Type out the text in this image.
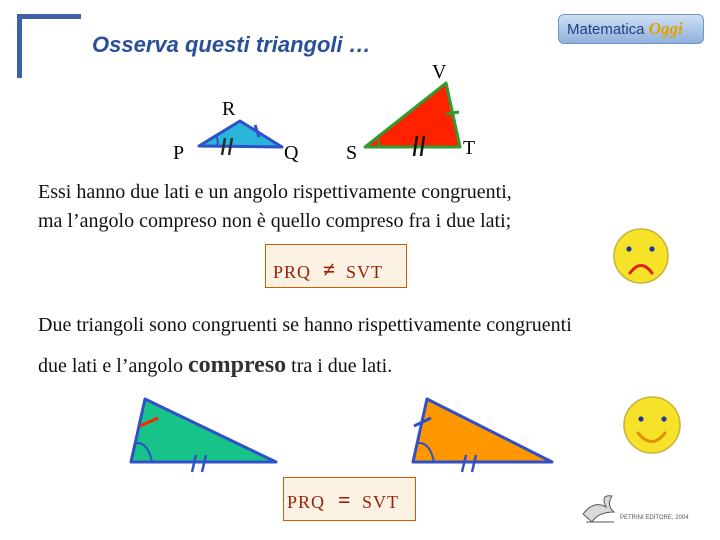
Osserva questi triangoli …
Matematica Oggi
V
R
P	Q S	T
Essi hanno due lati e un angolo rispettivamente congruenti,
ma l’angolo compreso non è quello compreso fra i due lati;
PRQ ≠ SVT
Due triangoli sono congruenti se hanno rispettivamente congruenti
due lati e l’angolo compreso tra i due lati.
PRQ = SVT
PETRINI EDITORE, 2004
